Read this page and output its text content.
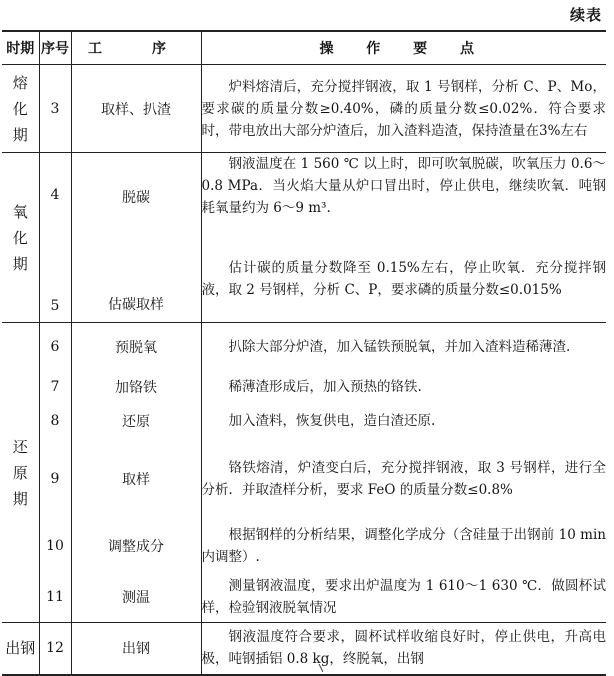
续表
时期	序号	工　序	操 作 要 点

熔化期	3	取样、扒渣	炉料熔清后，充分搅拌钢液，取 1 号钢样，分析 C、P、Mo，要求碳的质量分数≥0.40%，磷的质量分数≤0.02%．符合要求时，带电放出大部分炉渣后，加入渣料造渣，保持渣量在3%左右

氧化期	4	脱碳	钢液温度在 1 560 ℃ 以上时，即可吹氧脱碳，吹氧压力 0.6～0.8 MPa．当火焰大量从炉口冒出时，停止供电，继续吹氧．吨钢耗氧量约为 6～9 m³.
	5	估碳取样	估计碳的质量分数降至 0.15%左右，停止吹氧．充分搅拌钢液，取 2 号钢样，分析 C、P，要求磷的质量分数≤0.015%

还原期	6	预脱氧	扒除大部分炉渣，加入锰铁预脱氧，并加入渣料造稀薄渣.
	7	加铬铁	稀薄渣形成后，加入预热的铬铁.
	8	还原	加入渣料，恢复供电，造白渣还原.
	9	取样	铬铁熔清，炉渣变白后，充分搅拌钢液，取 3 号钢样，进行全分析．并取渣样分析，要求 FeO 的质量分数≤0.8%
	10	调整成分	根据钢样的分析结果，调整化学成分（含硅量于出钢前 10 min 内调整）.
	11	测温	测量钢液温度，要求出炉温度为 1 610～1 630 ℃．做圆杯试样，检验钢液脱氧情况

出钢	12	出钢	钢液温度符合要求，圆杯试样收缩良好时，停止供电，升高电极，吨钢插铝 0.8 kg，终脱氧，出钢
